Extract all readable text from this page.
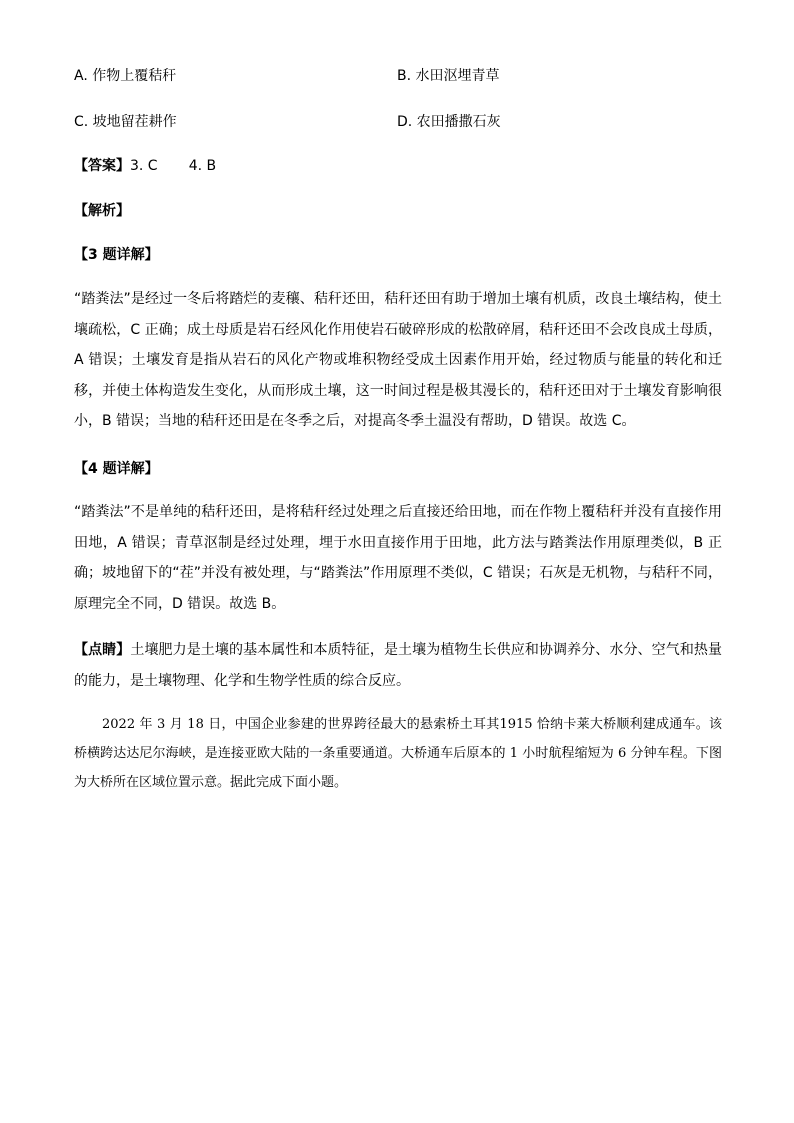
A. 作物上覆秸秆	B. 水田沤埋青草
C. 坡地留茬耕作	D. 农田播撒石灰
【答案】3. C       4. B
【解析】
【3 题详解】

“踏粪法”是经过一冬后将踏烂的麦穰、秸秆还田，秸秆还田有助于增加土壤有机质，改良土壤结构，使土壤疏松，C 正确；成土母质是岩石经风化作用使岩石破碎形成的松散碎屑，秸秆还田不会改良成土母质，A 错误；土壤发育是指从岩石的风化产物或堆积物经受成土因素作用开始，经过物质与能量的转化和迁移，并使土体构造发生变化，从而形成土壤，这一时间过程是极其漫长的，秸秆还田对于土壤发育影响很小，B 错误；当地的秸秆还田是在冬季之后，对提高冬季土温没有帮助，D 错误。故选 C。

【4 题详解】

“踏粪法”不是单纯的秸秆还田，是将秸秆经过处理之后直接还给田地，而在作物上覆秸秆并没有直接作用田地，A 错误；青草沤制是经过处理，埋于水田直接作用于田地，此方法与踏粪法作用原理类似，B 正确；坡地留下的“茬”并没有被处理，与“踏粪法”作用原理不类似，C 错误；石灰是无机物，与秸秆不同，原理完全不同，D 错误。故选 B。

【点睛】土壤肥力是土壤的基本属性和本质特征，是土壤为植物生长供应和协调养分、水分、空气和热量的能力，是土壤物理、化学和生物学性质的综合反应。

2022 年 3 月 18 日，中国企业参建的世界跨径最大的悬索桥土耳其1915 恰纳卡莱大桥顺利建成通车。该桥横跨达达尼尔海峡，是连接亚欧大陆的一条重要通道。大桥通车后原本的 1 小时航程缩短为 6 分钟车程。下图为大桥所在区域位置示意。据此完成下面小题。
